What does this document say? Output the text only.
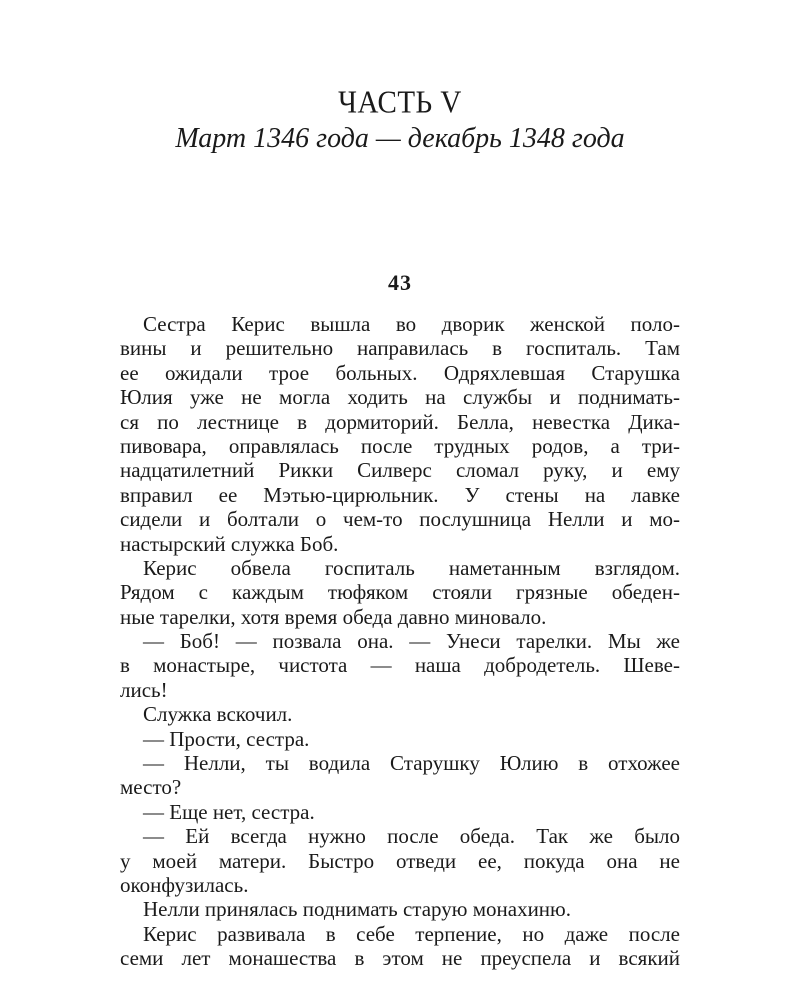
ЧАСТЬ V
Март 1346 года — декабрь 1348 года
43
Сестра Керис вышла во дворик женской поло-
вины и решительно направилась в госпиталь. Там
ее ожидали трое больных. Одряхлевшая Старушка
Юлия уже не могла ходить на службы и поднимать-
ся по лестнице в дормиторий. Белла, невестка Дика-
пивовара, оправлялась после трудных родов, а три-
надцатилетний Рикки Силверс сломал руку, и ему
вправил ее Мэтью-цирюльник. У стены на лавке
сидели и болтали о чем-то послушница Нелли и мо-
настырский служка Боб.
Керис обвела госпиталь наметанным взглядом.
Рядом с каждым тюфяком стояли грязные обеден-
ные тарелки, хотя время обеда давно миновало.
— Боб! — позвала она. — Унеси тарелки. Мы же
в монастыре, чистота — наша добродетель. Шеве-
лись!
Служка вскочил.
— Прости, сестра.
— Нелли, ты водила Старушку Юлию в отхожее
место?
— Еще нет, сестра.
— Ей всегда нужно после обеда. Так же было
у моей матери. Быстро отведи ее, покуда она не
оконфузилась.
Нелли принялась поднимать старую монахиню.
Керис развивала в себе терпение, но даже после
семи лет монашества в этом не преуспела и всякий
